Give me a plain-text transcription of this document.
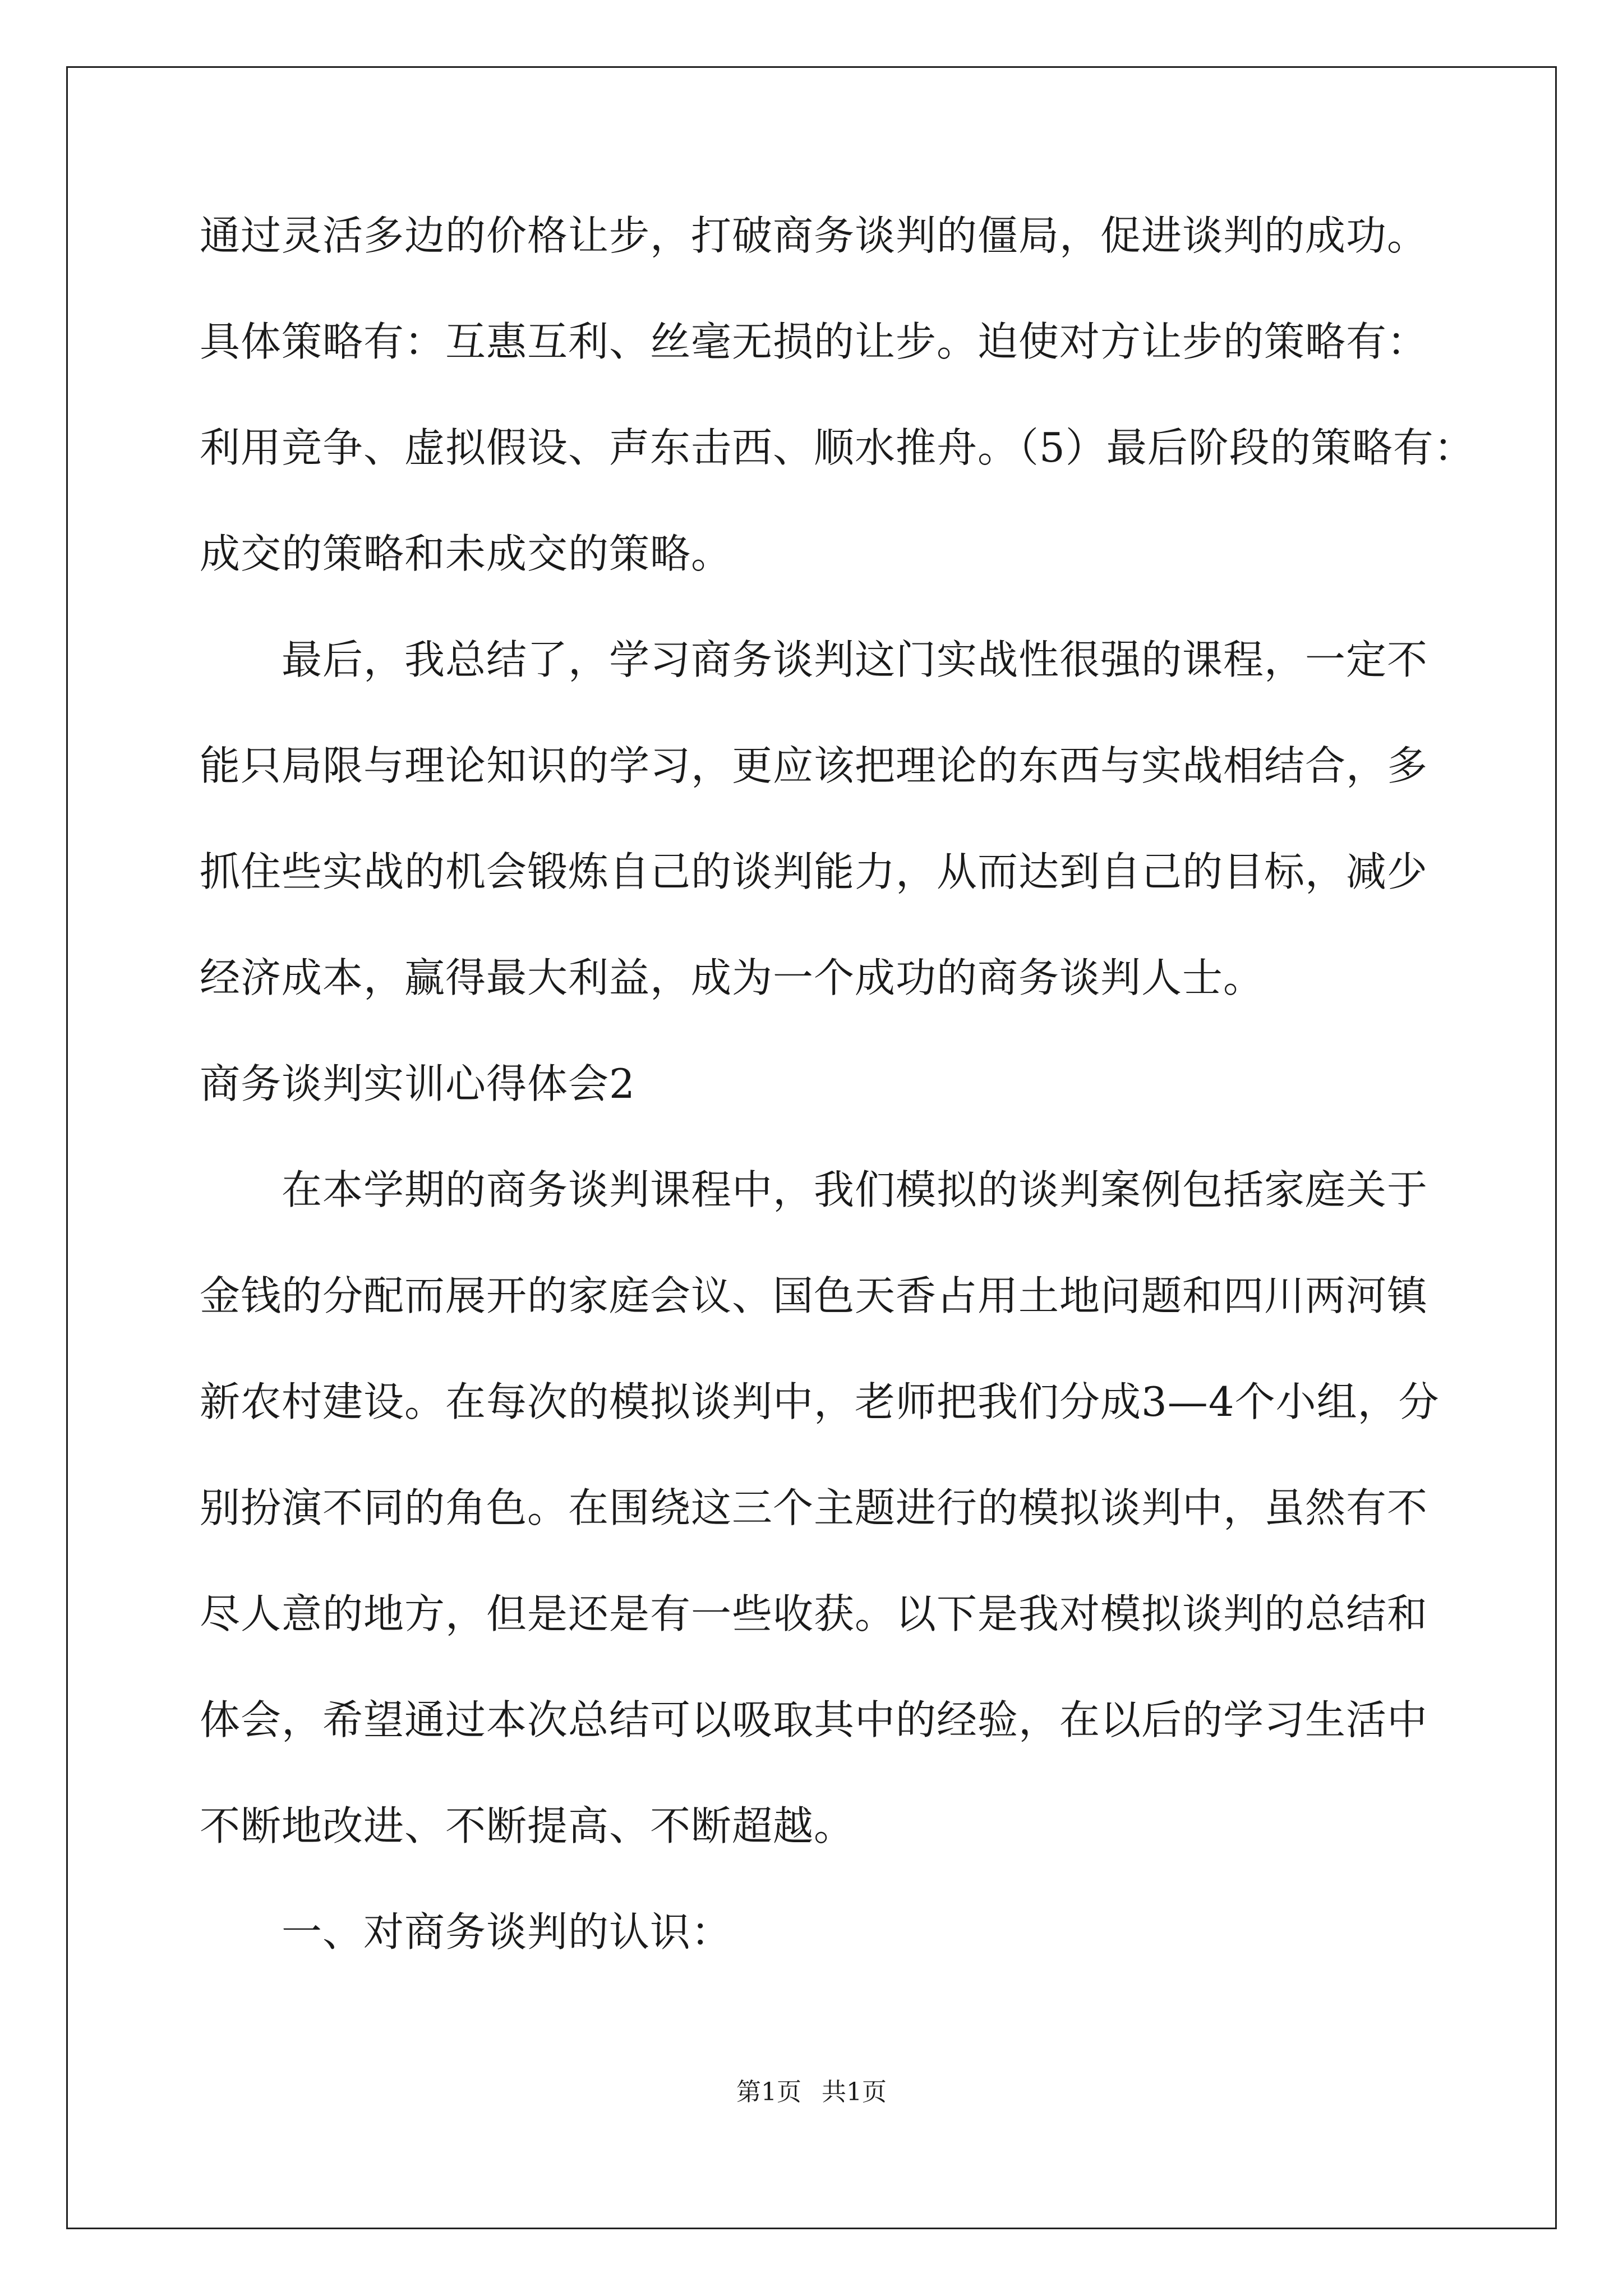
通过灵活多边的价格让步，打破商务谈判的僵局，促进谈判的成功。
具体策略有：互惠互利、丝毫无损的让步。迫使对方让步的策略有：
利用竞争、虚拟假设、声东击西、顺水推舟。（5）最后阶段的策略有：
成交的策略和未成交的策略。
最后，我总结了，学习商务谈判这门实战性很强的课程，一定不
能只局限与理论知识的学习，更应该把理论的东西与实战相结合，多
抓住些实战的机会锻炼自己的谈判能力，从而达到自己的目标，减少
经济成本，赢得最大利益，成为一个成功的商务谈判人士。
商务谈判实训心得体会2
在本学期的商务谈判课程中，我们模拟的谈判案例包括家庭关于
金钱的分配而展开的家庭会议、国色天香占用土地问题和四川两河镇
新农村建设。在每次的模拟谈判中，老师把我们分成3—4个小组，分
别扮演不同的角色。在围绕这三个主题进行的模拟谈判中，虽然有不
尽人意的地方，但是还是有一些收获。以下是我对模拟谈判的总结和
体会，希望通过本次总结可以吸取其中的经验，在以后的学习生活中
不断地改进、不断提高、不断超越。
一、对商务谈判的认识：
第1页 共1页
